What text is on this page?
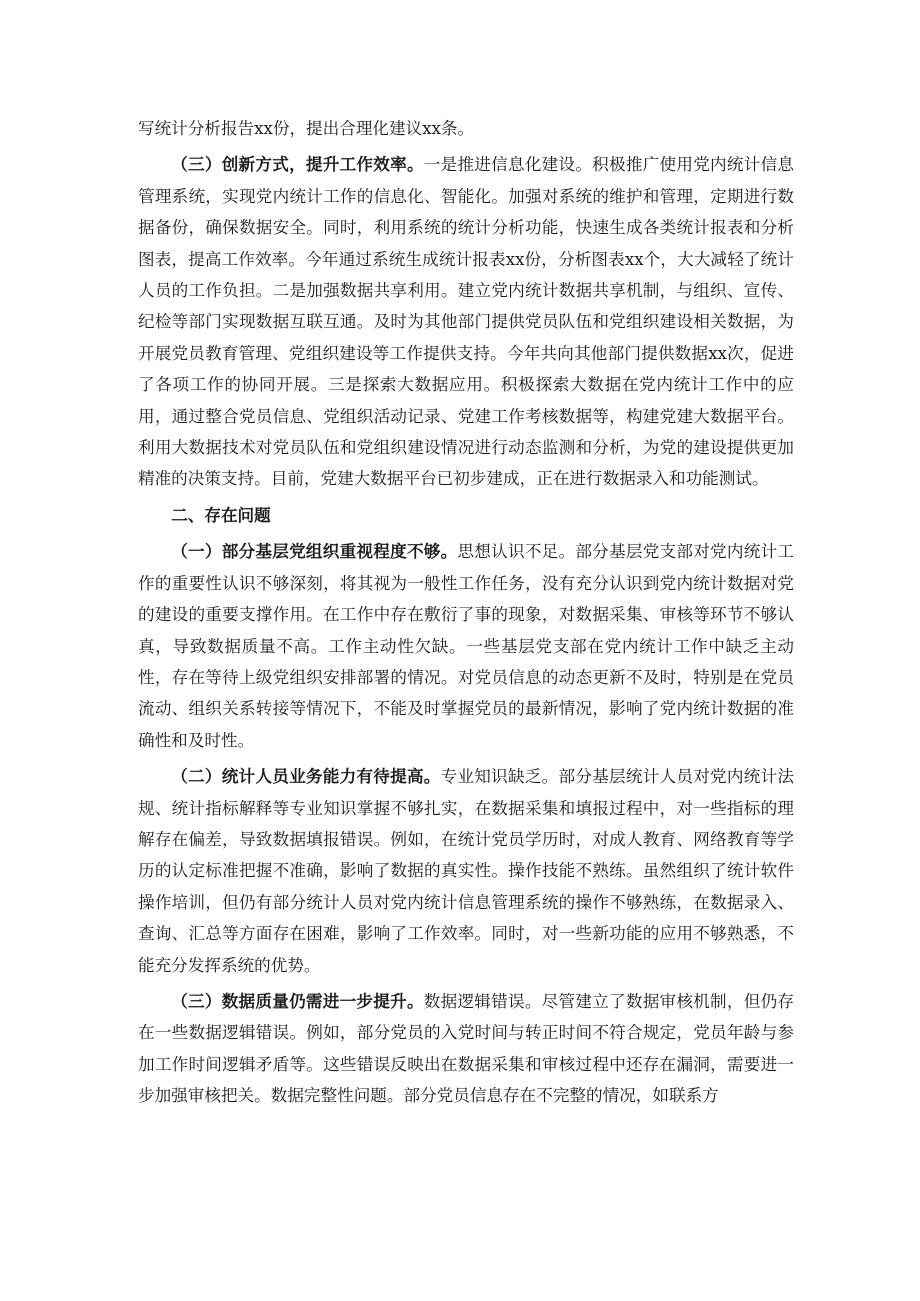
写统计分析报告xx份，提出合理化建议xx条。

（三）创新方式，提升工作效率。一是推进信息化建设。积极推广使用党内统计信息管理系统，实现党内统计工作的信息化、智能化。加强对系统的维护和管理，定期进行数据备份，确保数据安全。同时，利用系统的统计分析功能，快速生成各类统计报表和分析图表，提高工作效率。今年通过系统生成统计报表xx份，分析图表xx个，大大减轻了统计人员的工作负担。二是加强数据共享利用。建立党内统计数据共享机制，与组织、宣传、纪检等部门实现数据互联互通。及时为其他部门提供党员队伍和党组织建设相关数据，为开展党员教育管理、党组织建设等工作提供支持。今年共向其他部门提供数据xx次，促进了各项工作的协同开展。三是探索大数据应用。积极探索大数据在党内统计工作中的应用，通过整合党员信息、党组织活动记录、党建工作考核数据等，构建党建大数据平台。利用大数据技术对党员队伍和党组织建设情况进行动态监测和分析，为党的建设提供更加精准的决策支持。目前，党建大数据平台已初步建成，正在进行数据录入和功能测试。

二、存在问题

（一）部分基层党组织重视程度不够。思想认识不足。部分基层党支部对党内统计工作的重要性认识不够深刻，将其视为一般性工作任务，没有充分认识到党内统计数据对党的建设的重要支撑作用。在工作中存在敷衍了事的现象，对数据采集、审核等环节不够认真，导致数据质量不高。工作主动性欠缺。一些基层党支部在党内统计工作中缺乏主动性，存在等待上级党组织安排部署的情况。对党员信息的动态更新不及时，特别是在党员流动、组织关系转接等情况下，不能及时掌握党员的最新情况，影响了党内统计数据的准确性和及时性。

（二）统计人员业务能力有待提高。专业知识缺乏。部分基层统计人员对党内统计法规、统计指标解释等专业知识掌握不够扎实，在数据采集和填报过程中，对一些指标的理解存在偏差，导致数据填报错误。例如，在统计党员学历时，对成人教育、网络教育等学历的认定标准把握不准确，影响了数据的真实性。操作技能不熟练。虽然组织了统计软件操作培训，但仍有部分统计人员对党内统计信息管理系统的操作不够熟练，在数据录入、查询、汇总等方面存在困难，影响了工作效率。同时，对一些新功能的应用不够熟悉，不能充分发挥系统的优势。

（三）数据质量仍需进一步提升。数据逻辑错误。尽管建立了数据审核机制，但仍存在一些数据逻辑错误。例如，部分党员的入党时间与转正时间不符合规定，党员年龄与参加工作时间逻辑矛盾等。这些错误反映出在数据采集和审核过程中还存在漏洞，需要进一步加强审核把关。数据完整性问题。部分党员信息存在不完整的情况，如联系方
